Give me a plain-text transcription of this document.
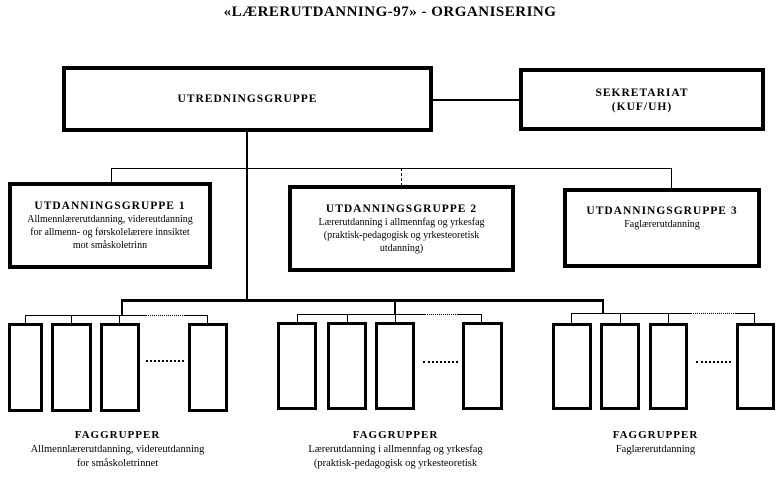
«LÆRERUTDANNING-97» - ORGANISERING
UTREDNINGSGRUPPE
SEKRETARIAT
(KUF/UH)
UTDANNINGSGRUPPE 1
Allmennlærerutdanning, videreutdanning
for allmenn- og førskolelærere innsiktet
mot småskoletrinn
UTDANNINGSGRUPPE 2
Lærerutdanning i allmennfag og yrkesfag
(praktisk-pedagogisk og yrkesteoretisk
utdanning)
UTDANNINGSGRUPPE 3
Faglærerutdanning
FAGGRUPPER
Allmennlærerutdanning, videreutdanning
for småskoletrinnet
FAGGRUPPER
Lærerutdanning i allmennfag og yrkesfag
(praktisk-pedagogisk og yrkesteoretisk
FAGGRUPPER
Faglærerutdanning
